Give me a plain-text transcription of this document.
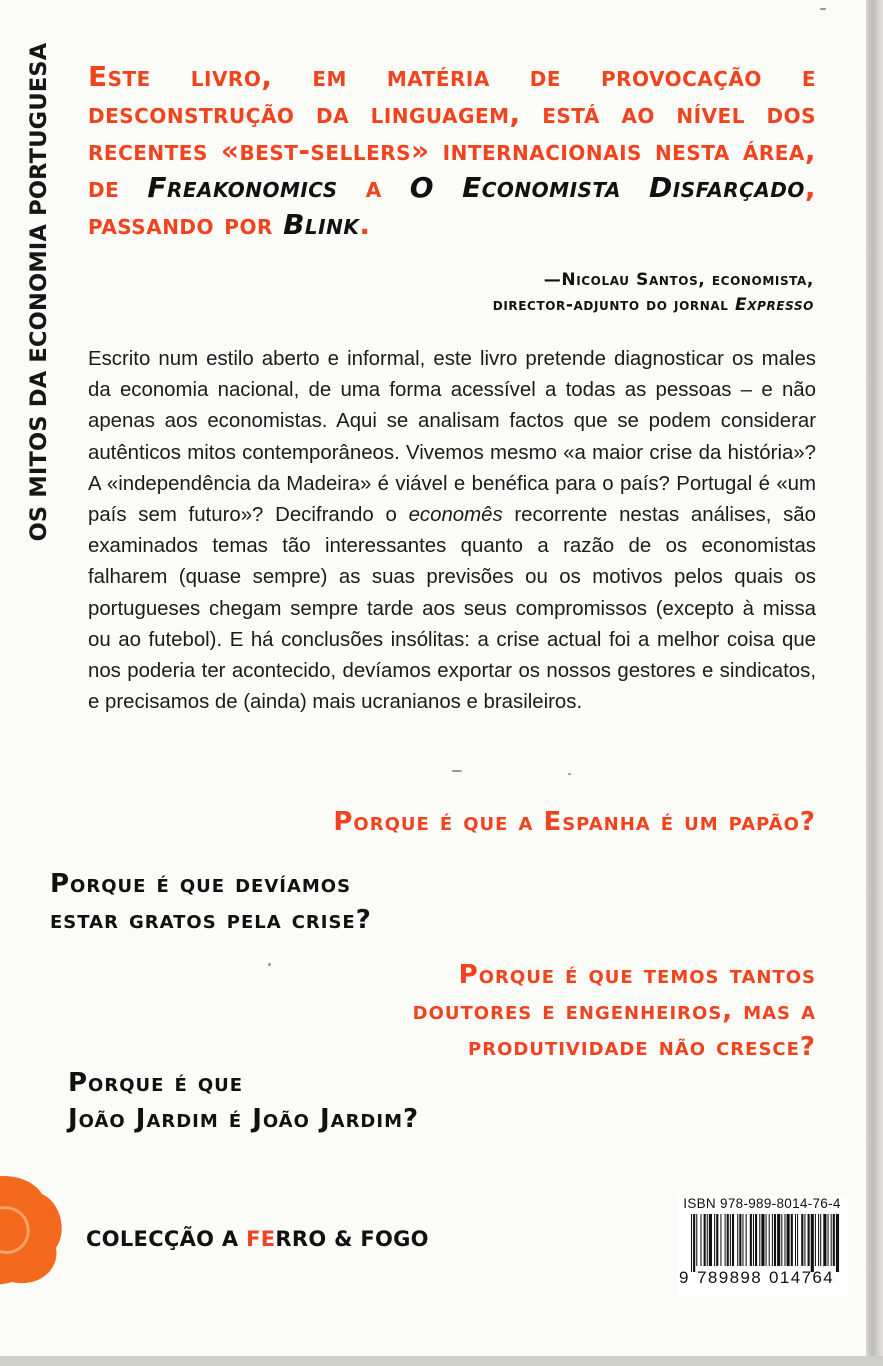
OS MITOS DA ECONOMIA PORTUGUESA Este livro, em matéria de provocação e desconstrução da linguagem, está ao nível dos recentes «best-sellers» internacionais nesta área, de Freakonomics a O Economista Disfarçado, passando por Blink.
—Nicolau Santos, economista,
director-adjunto do jornal Expresso
Escrito num estilo aberto e informal, este livro pretende diagnosticar os males da economia nacional, de uma forma acessível a todas as pessoas – e não apenas aos economistas. Aqui se analisam factos que se podem considerar autênticos mitos contemporâneos. Vivemos mesmo «a maior crise da história»? A «independência da Madeira» é viável e benéfica para o país? Portugal é «um país sem futuro»? Decifrando o economês recorrente nestas análises, são examinados temas tão interessantes quanto a razão de os economistas falharem (quase sempre) as suas previsões ou os motivos pelos quais os portugueses chegam sempre tarde aos seus compromissos (excepto à missa ou ao futebol). E há conclusões insólitas: a crise actual foi a melhor coisa que nos poderia ter acontecido, devíamos exportar os nossos gestores e sindicatos, e precisamos de (ainda) mais ucranianos e brasileiros.
Porque é que a Espanha é um papão?
Porque é que devíamos
estar gratos pela crise?
Porque é que temos tantos
doutores e engenheiros, mas a
produtividade não cresce?
Porque é que
João Jardim é João Jardim?
COLECÇÃO A FERRO & FOGO
ISBN 978-989-8014-76-4
9 789898 014764
